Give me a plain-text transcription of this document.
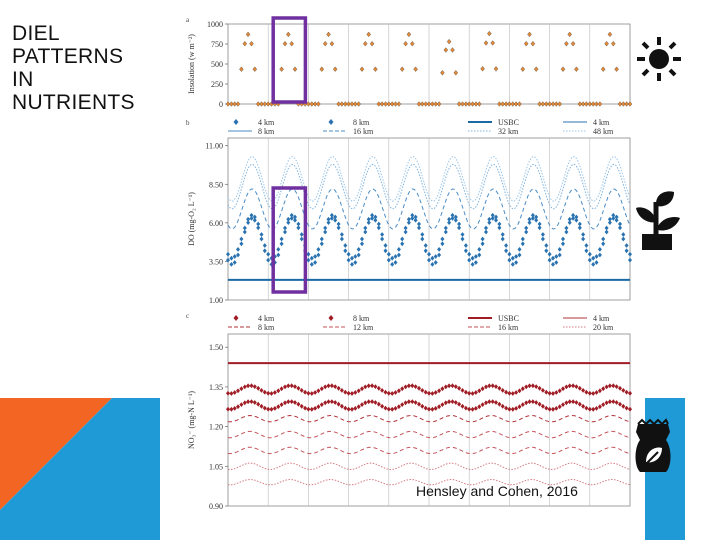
DIEL
PATTERNS
IN
NUTRIENTS
a
0
250
500
750
1000
Insolation (w m⁻²)
b
1.00
3.50
6.00
8.50
11.00
DO (mg-O₂ L⁻¹)
4 km	8 km	USBC	4 km
8 km	16 km	32 km	48 km
c
0.90
1.05
1.20
1.35
1.50
NO₃⁻ (mg-N L⁻¹)
4 km	8 km	USBC	4 km
8 km	12 km	16 km	20 km
Hensley and Cohen, 2016
